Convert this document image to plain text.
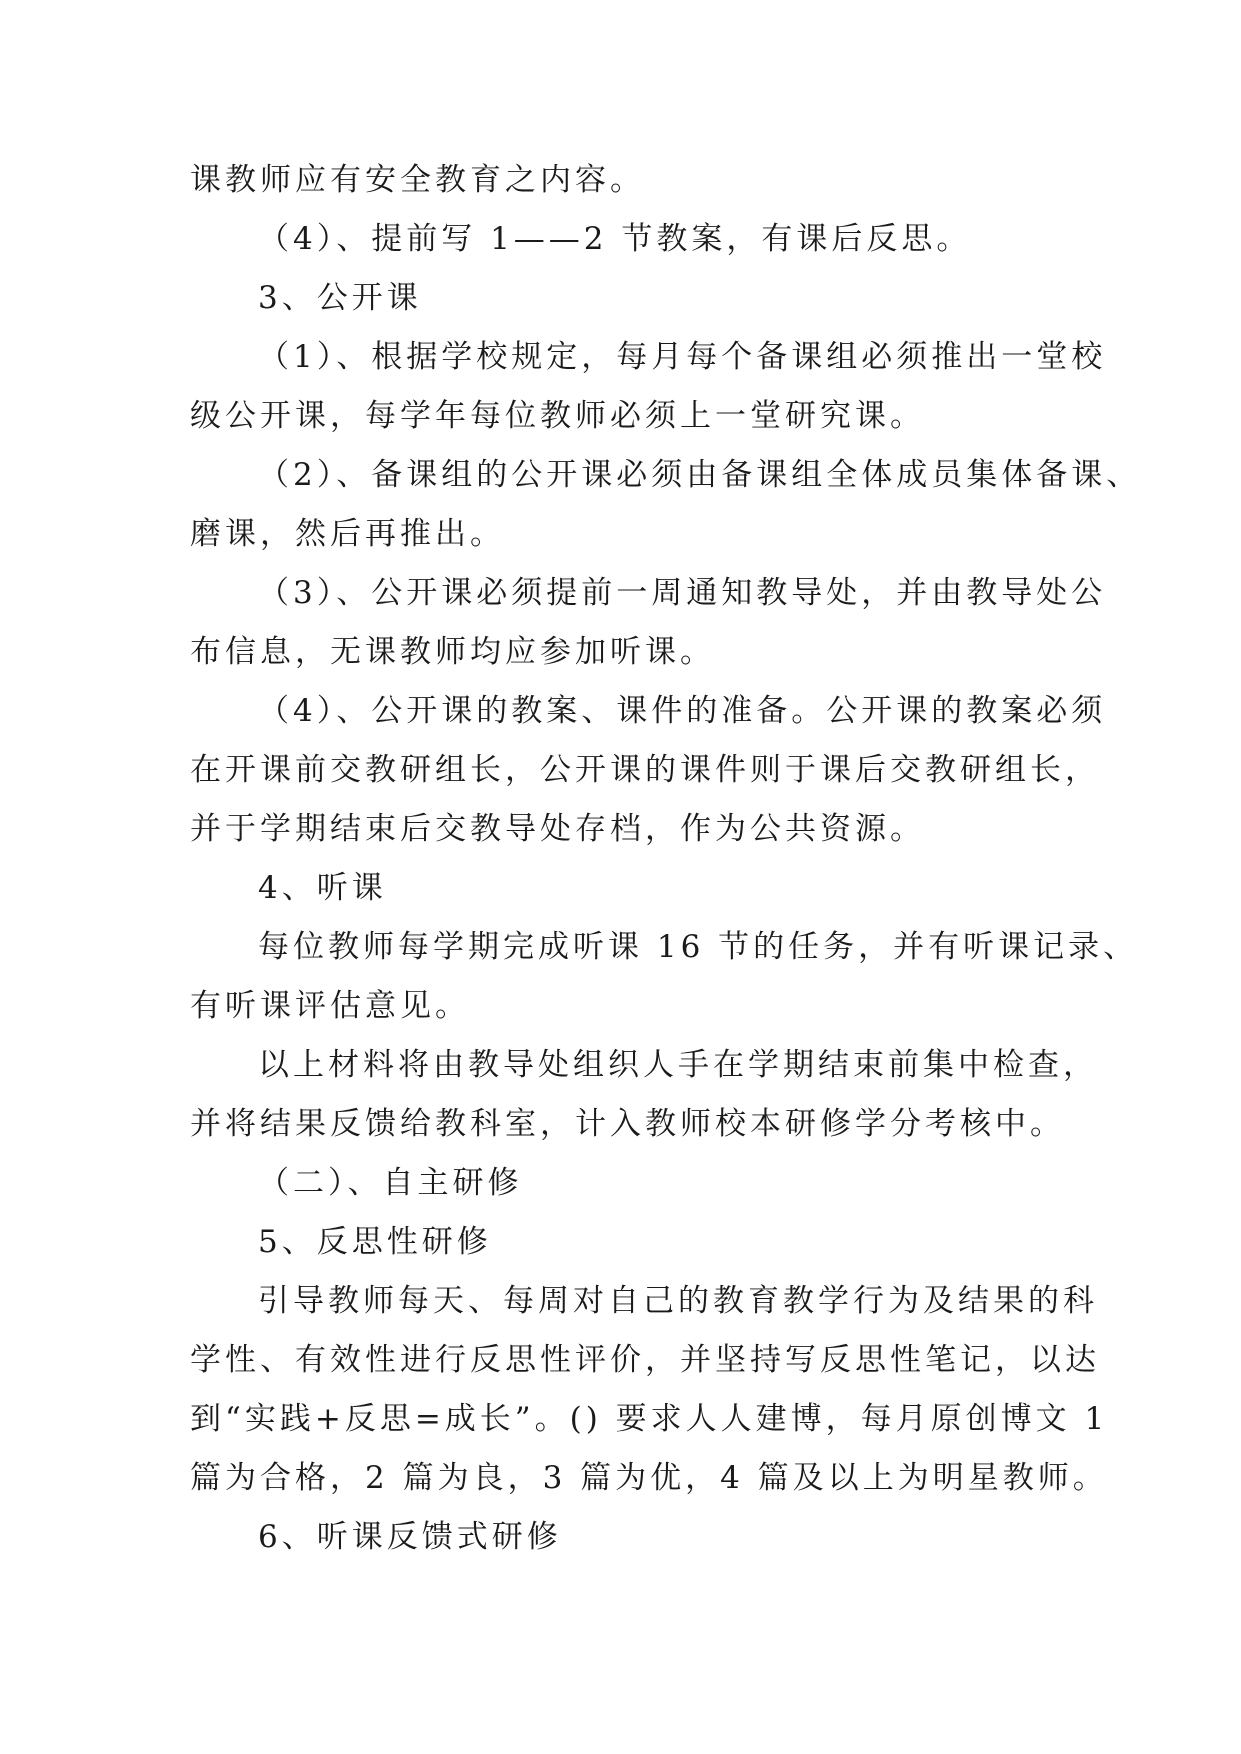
课教师应有安全教育之内容。
（4）、提前写 1——2 节教案，有课后反思。
3、公开课
（1）、根据学校规定，每月每个备课组必须推出一堂校
级公开课，每学年每位教师必须上一堂研究课。
（2）、备课组的公开课必须由备课组全体成员集体备课、
磨课，然后再推出。
（3）、公开课必须提前一周通知教导处，并由教导处公
布信息，无课教师均应参加听课。
（4）、公开课的教案、课件的准备。公开课的教案必须
在开课前交教研组长，公开课的课件则于课后交教研组长，
并于学期结束后交教导处存档，作为公共资源。
4、听课
每位教师每学期完成听课 16 节的任务，并有听课记录、
有听课评估意见。
以上材料将由教导处组织人手在学期结束前集中检查，
并将结果反馈给教科室，计入教师校本研修学分考核中。
（二）、自主研修
5、反思性研修
引导教师每天、每周对自己的教育教学行为及结果的科
学性、有效性进行反思性评价，并坚持写反思性笔记，以达
到“实践+反思=成长”。() 要求人人建博，每月原创博文 1
篇为合格，2 篇为良，3 篇为优，4 篇及以上为明星教师。
6、听课反馈式研修
